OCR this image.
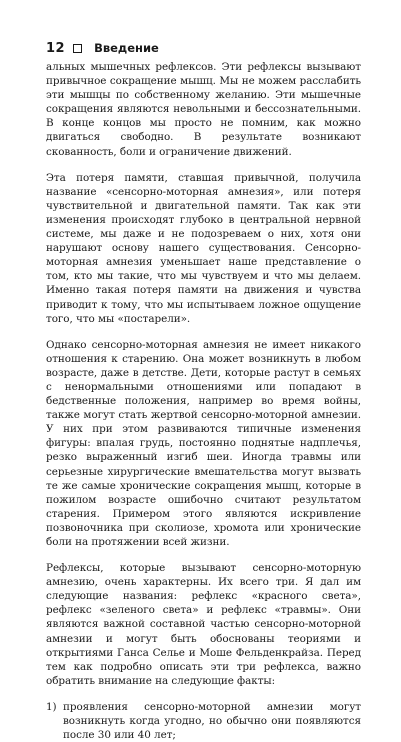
12	Введение

альных мышечных рефлексов. Эти рефлексы вызывают привычное сокращение мышц. Мы не можем расслабить эти мышцы по собственному желанию. Эти мышечные сокращения являются невольными и бессознательными. В конце концов мы просто не помним, как можно двигаться свободно. В результате возникают скованность, боли и ограничение движений.

Эта потеря памяти, ставшая привычной, получила название «сенсорно-моторная амнезия», или потеря чувствительной и двигательной памяти. Так как эти изменения происходят глубоко в центральной нервной системе, мы даже и не подозреваем о них, хотя они нарушают основу нашего существования. Сенсорно-моторная амнезия уменьшает наше представление о том, кто мы такие, что мы чувствуем и что мы делаем. Именно такая потеря памяти на движения и чувства приводит к тому, что мы испытываем ложное ощущение того, что мы «постарели».

Однако сенсорно-моторная амнезия не имеет никакого отношения к старению. Она может возникнуть в любом возрасте, даже в детстве. Дети, которые растут в семьях с ненормальными отношениями или попадают в бедственные положения, например во время войны, также могут стать жертвой сенсорно-моторной амнезии. У них при этом развиваются типичные изменения фигуры: впалая грудь, постоянно поднятые надплечья, резко выраженный изгиб шеи. Иногда травмы или серьезные хирургические вмешательства могут вызвать те же самые хронические сокращения мышц, которые в пожилом возрасте ошибочно считают результатом старения. Примером этого являются искривление позвоночника при сколиозе, хромота или хронические боли на протяжении всей жизни.

Рефлексы, которые вызывают сенсорно-моторную амнезию, очень характерны. Их всего три. Я дал им следующие названия: рефлекс «красного света», рефлекс «зеленого света» и рефлекс «травмы». Они являются важной составной частью сенсорно-моторной амнезии и могут быть обоснованы теориями и открытиями Ганса Селье и Моше Фельденкрайза. Перед тем как подробно описать эти три рефлекса, важно обратить внимание на следующие факты:

1) проявления сенсорно-моторной амнезии могут возникнуть когда угодно, но обычно они появляются после 30 или 40 лет;
